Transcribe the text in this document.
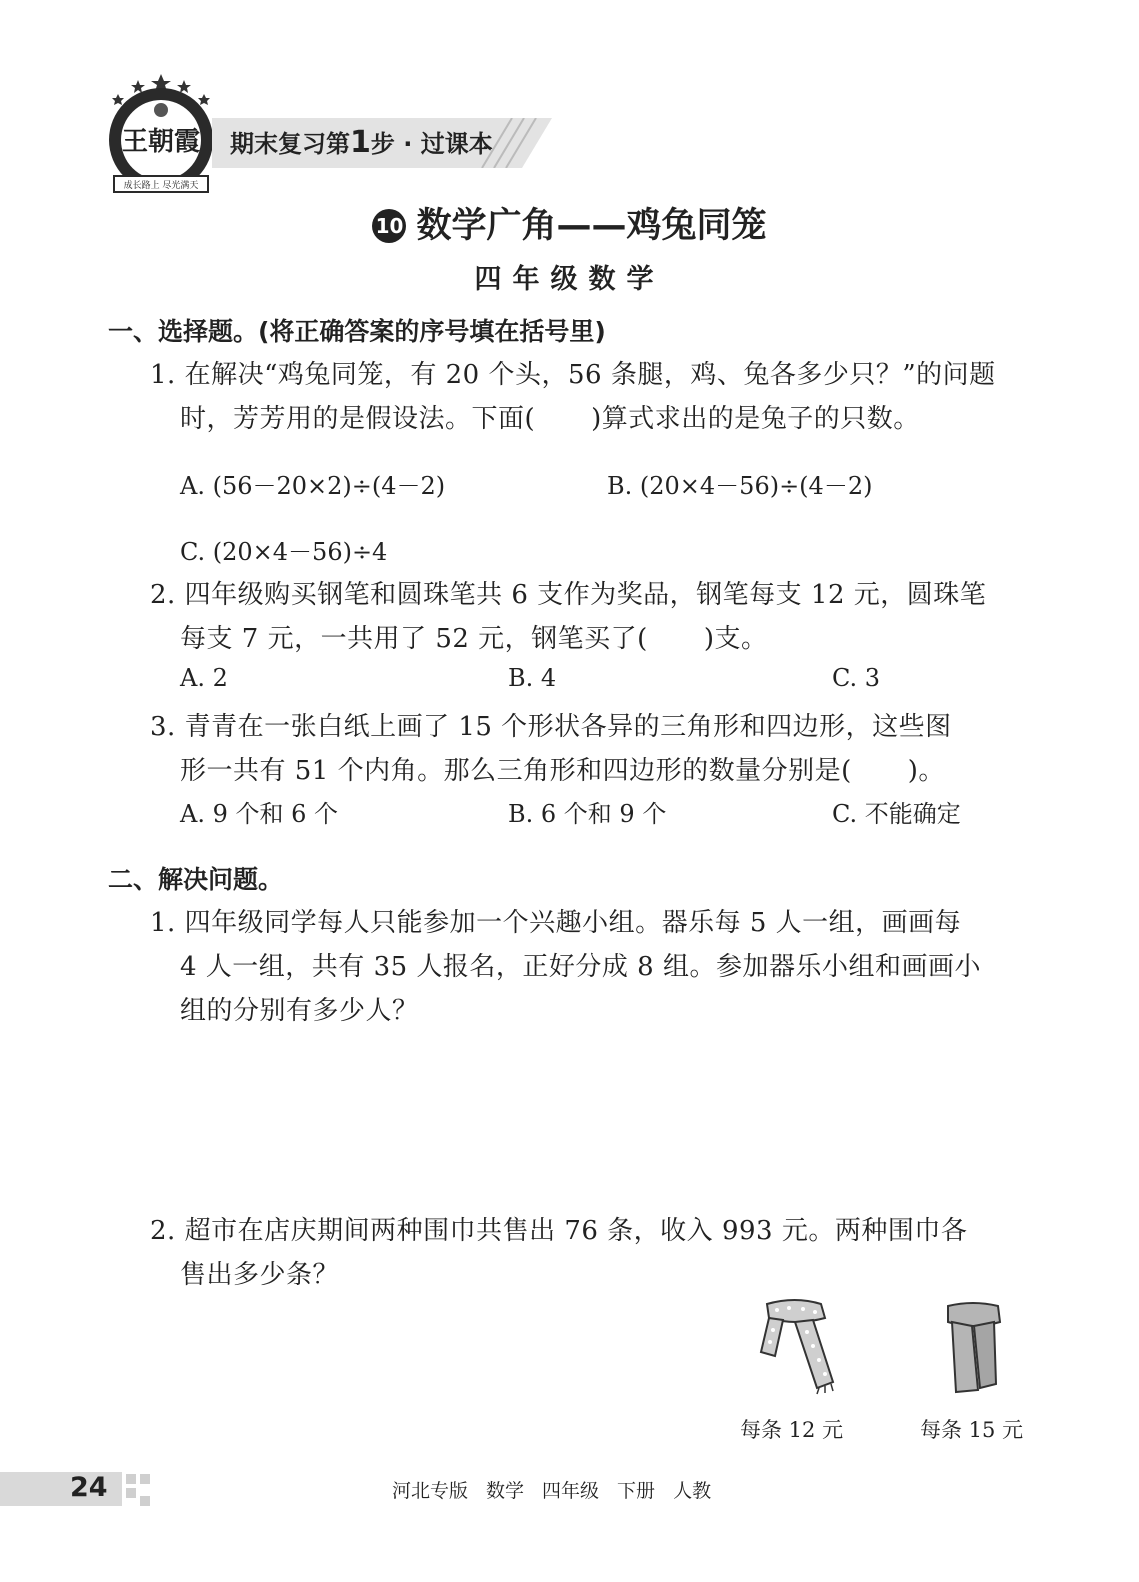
王朝霞
成长路上 尽光满天
期末复习第1步 · 过课本
10 数学广角——鸡兔同笼
四年级数学
一、选择题。(将正确答案的序号填在括号里)
1. 在解决“鸡兔同笼，有 20 个头，56 条腿，鸡、兔各多少只？”的问题
时，芳芳用的是假设法。下面( )算式求出的是兔子的只数。
A. (56－20×2)÷(4－2)	B. (20×4－56)÷(4－2)
C. (20×4－56)÷4
2. 四年级购买钢笔和圆珠笔共 6 支作为奖品，钢笔每支 12 元，圆珠笔
每支 7 元，一共用了 52 元，钢笔买了( )支。
A. 2	B. 4	C. 3
3. 青青在一张白纸上画了 15 个形状各异的三角形和四边形，这些图
形一共有 51 个内角。那么三角形和四边形的数量分别是( )。
A. 9 个和 6 个	B. 6 个和 9 个	C. 不能确定
二、解决问题。
1. 四年级同学每人只能参加一个兴趣小组。器乐每 5 人一组，画画每
4 人一组，共有 35 人报名，正好分成 8 组。参加器乐小组和画画小
组的分别有多少人？
2. 超市在店庆期间两种围巾共售出 76 条，收入 993 元。两种围巾各
售出多少条？
每条 12 元	每条 15 元
24	河北专版 数学 四年级 下册 人教
